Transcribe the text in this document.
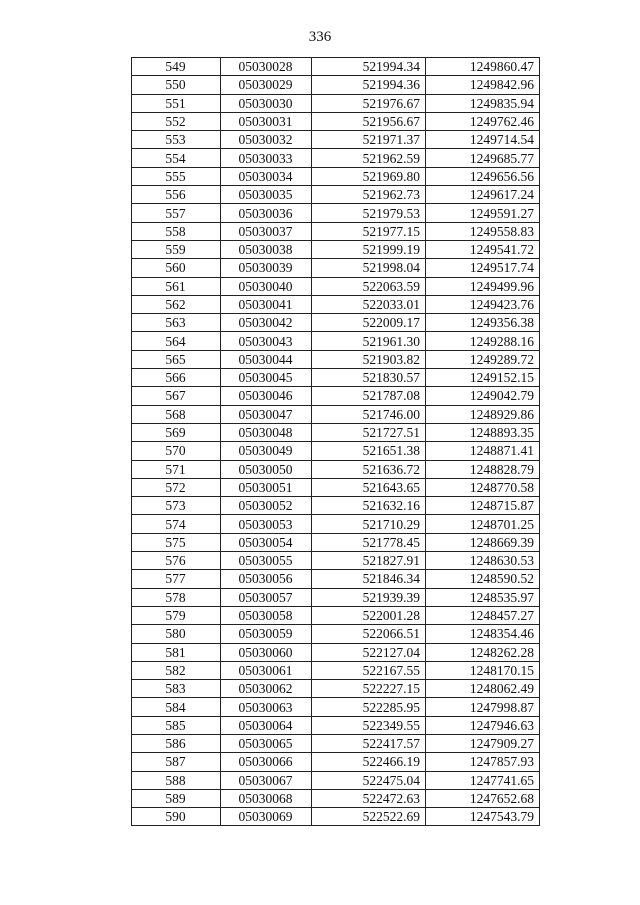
336
549	05030028	521994.34	1249860.47
550	05030029	521994.36	1249842.96
551	05030030	521976.67	1249835.94
552	05030031	521956.67	1249762.46
553	05030032	521971.37	1249714.54
554	05030033	521962.59	1249685.77
555	05030034	521969.80	1249656.56
556	05030035	521962.73	1249617.24
557	05030036	521979.53	1249591.27
558	05030037	521977.15	1249558.83
559	05030038	521999.19	1249541.72
560	05030039	521998.04	1249517.74
561	05030040	522063.59	1249499.96
562	05030041	522033.01	1249423.76
563	05030042	522009.17	1249356.38
564	05030043	521961.30	1249288.16
565	05030044	521903.82	1249289.72
566	05030045	521830.57	1249152.15
567	05030046	521787.08	1249042.79
568	05030047	521746.00	1248929.86
569	05030048	521727.51	1248893.35
570	05030049	521651.38	1248871.41
571	05030050	521636.72	1248828.79
572	05030051	521643.65	1248770.58
573	05030052	521632.16	1248715.87
574	05030053	521710.29	1248701.25
575	05030054	521778.45	1248669.39
576	05030055	521827.91	1248630.53
577	05030056	521846.34	1248590.52
578	05030057	521939.39	1248535.97
579	05030058	522001.28	1248457.27
580	05030059	522066.51	1248354.46
581	05030060	522127.04	1248262.28
582	05030061	522167.55	1248170.15
583	05030062	522227.15	1248062.49
584	05030063	522285.95	1247998.87
585	05030064	522349.55	1247946.63
586	05030065	522417.57	1247909.27
587	05030066	522466.19	1247857.93
588	05030067	522475.04	1247741.65
589	05030068	522472.63	1247652.68
590	05030069	522522.69	1247543.79
